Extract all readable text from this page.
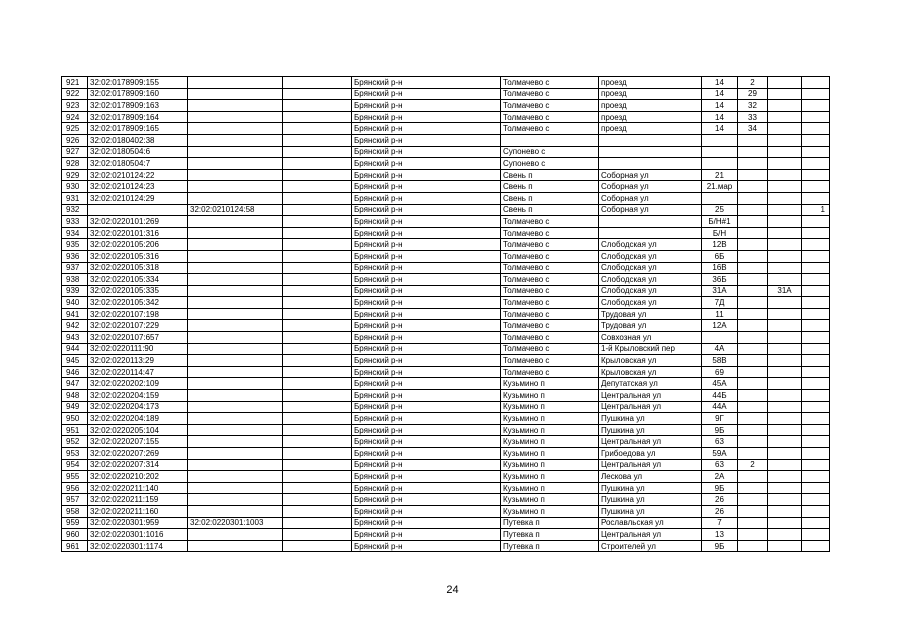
921	32:02:0178909:155			Брянский р-н	Толмачево с	проезд	14	2		
922	32:02:0178909:160			Брянский р-н	Толмачево с	проезд	14	29		
923	32:02:0178909:163			Брянский р-н	Толмачево с	проезд	14	32		
924	32:02:0178909:164			Брянский р-н	Толмачево с	проезд	14	33		
925	32:02:0178909:165			Брянский р-н	Толмачево с	проезд	14	34		
926	32:02:0180402:38			Брянский р-н						
927	32:02:0180504:6			Брянский р-н	Супонево с					
928	32:02:0180504:7			Брянский р-н	Супонево с					
929	32:02:0210124:22			Брянский р-н	Свень п	Соборная ул	21			
930	32:02:0210124:23			Брянский р-н	Свень п	Соборная ул	21.мар			
931	32:02:0210124:29			Брянский р-н	Свень п	Соборная ул				
932		32:02:0210124:58		Брянский р-н	Свень п	Соборная ул	25			1
933	32:02:0220101:269			Брянский р-н	Толмачево с		Б/Н#1			
934	32:02:0220101:316			Брянский р-н	Толмачево с		Б/Н			
935	32:02:0220105:206			Брянский р-н	Толмачево с	Слободская ул	12В			
936	32:02:0220105:316			Брянский р-н	Толмачево с	Слободская ул	6Б			
937	32:02:0220105:318			Брянский р-н	Толмачево с	Слободская ул	16В			
938	32:02:0220105:334			Брянский р-н	Толмачево с	Слободская ул	36Б			
939	32:02:0220105:335			Брянский р-н	Толмачево с	Слободская ул	31А		31А	
940	32:02:0220105:342			Брянский р-н	Толмачево с	Слободская ул	7Д			
941	32:02:0220107:198			Брянский р-н	Толмачево с	Трудовая ул	11			
942	32:02:0220107:229			Брянский р-н	Толмачево с	Трудовая ул	12А			
943	32:02:0220107:657			Брянский р-н	Толмачево с	Совхозная ул				
944	32:02:0220111:90			Брянский р-н	Толмачево с	1-й Крыловский пер	4А			
945	32:02:0220113:29			Брянский р-н	Толмачево с	Крыловская ул	58В			
946	32:02:0220114:47			Брянский р-н	Толмачево с	Крыловская ул	69			
947	32:02:0220202:109			Брянский р-н	Кузьмино п	Депутатская ул	45А			
948	32:02:0220204:159			Брянский р-н	Кузьмино п	Центральная ул	44Б			
949	32:02:0220204:173			Брянский р-н	Кузьмино п	Центральная ул	44А			
950	32:02:0220204:189			Брянский р-н	Кузьмино п	Пушкина ул	9Г			
951	32:02:0220205:104			Брянский р-н	Кузьмино п	Пушкина ул	9Б			
952	32:02:0220207:155			Брянский р-н	Кузьмино п	Центральная ул	63			
953	32:02:0220207:269			Брянский р-н	Кузьмино п	Грибоедова ул	59А			
954	32:02:0220207:314			Брянский р-н	Кузьмино п	Центральная ул	63	2		
955	32:02:0220210:202			Брянский р-н	Кузьмино п	Лескова ул	2А			
956	32:02:0220211:140			Брянский р-н	Кузьмино п	Пушкина ул	9Б			
957	32:02:0220211:159			Брянский р-н	Кузьмино п	Пушкина ул	26			
958	32:02:0220211:160			Брянский р-н	Кузьмино п	Пушкина ул	26			
959	32:02:0220301:959	32:02:0220301:1003		Брянский р-н	Путевка п	Рославльская ул	7			
960	32:02:0220301:1016			Брянский р-н	Путевка п	Центральная ул	13			
961	32:02:0220301:1174			Брянский р-н	Путевка п	Строителей ул	9Б			
24
